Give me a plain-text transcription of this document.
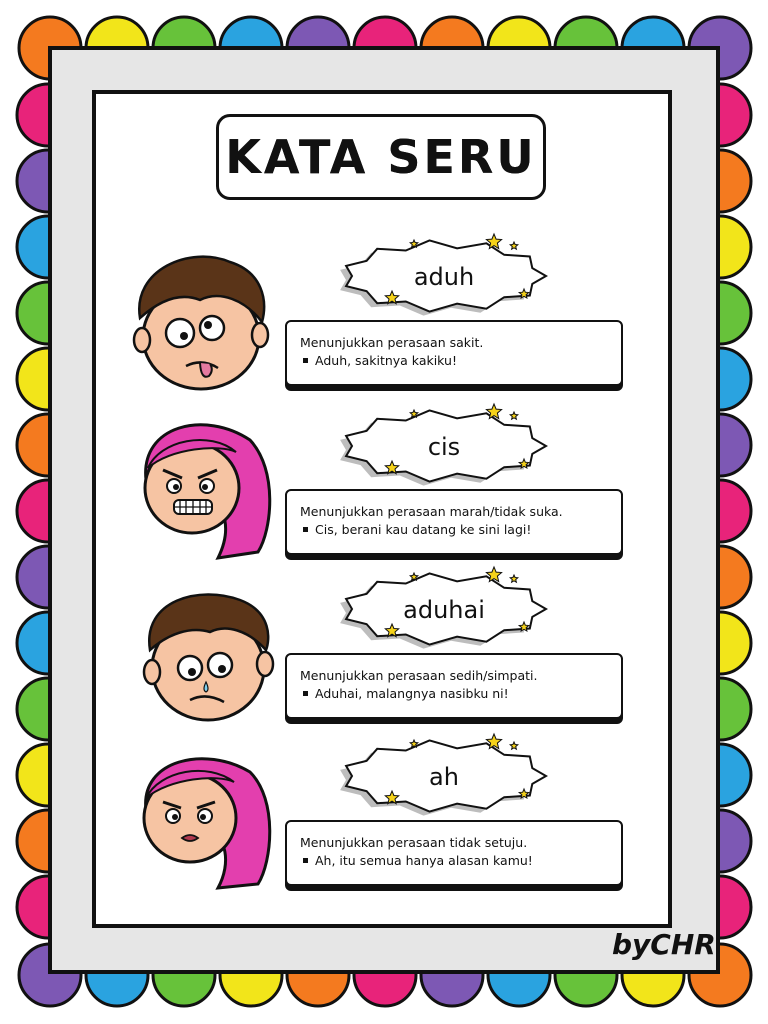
KATA SERU
aduh
Menunjukkan perasaan sakit.
Aduh, sakitnya kakiku!
cis
Menunjukkan perasaan marah/tidak suka.
Cis, berani kau datang ke sini lagi!
aduhai
Menunjukkan perasaan sedih/simpati.
Aduhai, malangnya nasibku ni!
ah
Menunjukkan perasaan tidak setuju.
Ah, itu semua hanya alasan kamu!
byCHR
